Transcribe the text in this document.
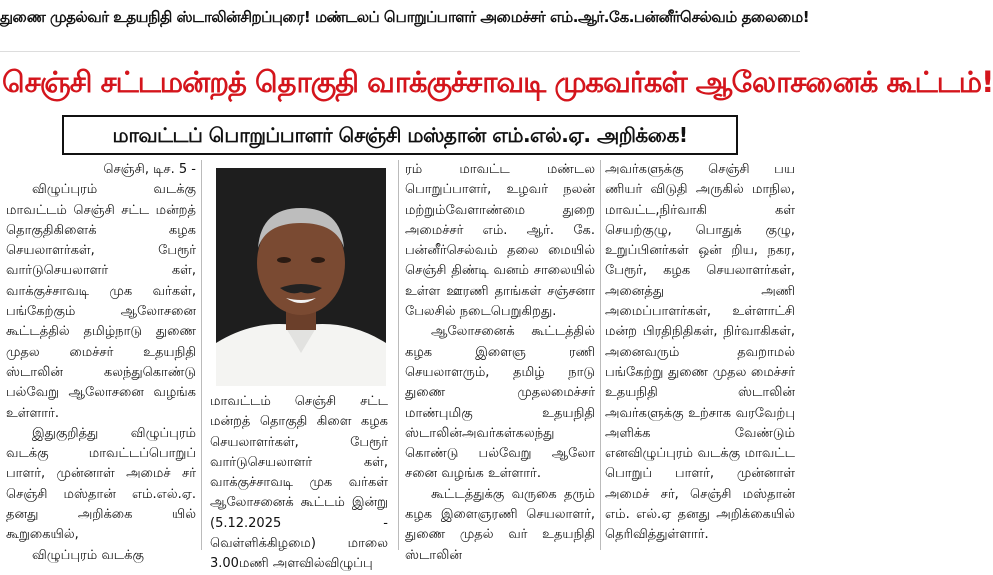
துணை முதல்வர் உதயநிதி ஸ்டாலின்சிறப்புரை! மண்டலப் பொறுப்பாளர் அமைச்சர் எம்.ஆர்.கே.பன்னீர்செல்வம் தலைமை!
செஞ்சி சட்டமன்றத் தொகுதி வாக்குச்சாவடி முகவர்கள் ஆலோசனைக் கூட்டம்!
மாவட்டப் பொறுப்பாளர் செஞ்சி மஸ்தான் எம்.எல்.ஏ. அறிக்கை!

செஞ்சி, டிச. 5 -

விழுப்புரம் வடக்கு மாவட்டம் செஞ்சி சட்ட மன்றத் தொகுதிகிளைக் கழக செயலாளர்கள், பேரூர் வார்டுசெயலாளர் கள், வாக்குச்சாவடி முக வர்கள், பங்கேற்கும் ஆலோசனை கூட்டத்தில் தமிழ்நாடு துணை முதல மைச்சர் உதயநிதி ஸ்டாலின் கலந்துகொண்டு பல்வேறு ஆலோசனை வழங்க உள்ளார்.

இதுகுறித்து விழுப்புரம் வடக்கு மாவட்டப்பொறுப் பாளர், முன்னாள் அமைச் சர் செஞ்சி மஸ்தான் எம்.எல்.ஏ. தனது அறிக்கை யில் கூறுகையில்,

விழுப்புரம் வடக்கு

மாவட்டம் செஞ்சி சட்ட மன்றத் தொகுதி கிளை கழக செயலாளர்கள், பேரூர் வார்டுசெயலாளர் கள், வாக்குச்சாவடி முக வர்கள் ஆலோசனைக் கூட்டம் இன்று (5.12.2025 - வெள்ளிக்கிழமை) மாலை 3.00மணி அளவில்விழுப்பு

ரம் மாவட்ட மண்டல பொறுப்பாளர், உழவர் நலன் மற்றும்வேளாண்மை துறை அமைச்சர் எம். ஆர். கே. பன்னீர்செல்வம் தலை மையில் செஞ்சி திண்டி வனம் சாலையில் உள்ள ஊரணி தாங்கள் சஞ்சனா பேலசில் நடைபெறுகிறது.

ஆலோசனைக் கூட்டத்தில் கழக இளைஞ ரணி செயலாளரும், தமிழ் நாடு துணை முதலமைச்சர் மாண்புமிகு உதயநிதி ஸ்டாலின்அவர்கள்கலந்து கொண்டு பல்வேறு ஆலோ சனை வழங்க உள்ளார்.

கூட்டத்துக்கு வருகை தரும் கழக இளைஞரணி செயலாளர், துணை முதல் வர் உதயநிதி ஸ்டாலின்

அவர்களுக்கு செஞ்சி பய ணியர் விடுதி அருகில் மாநில, மாவட்ட,நிர்வாகி கள் செயற்குழு, பொதுக் குழு, உறுப்பினர்கள் ஒன் றிய, நகர, பேரூர், கழக செயலாளர்கள், அனைத்து அணி அமைப்பாளர்கள், உள்ளாட்சி மன்ற பிரதிநிதிகள், நிர்வாகிகள், அனைவரும் தவறாமல் பங்கேற்று துணை முதல மைச்சர் உதயநிதி ஸ்டாலின் அவர்களுக்கு உற்சாக வரவேற்பு அளிக்க வேண்டும் எனவிழுப்புரம் வடக்கு மாவட்ட பொறுப் பாளர், முன்னாள் அமைச் சர், செஞ்சி மஸ்தான் எம். எல்.ஏ தனது அறிக்கையில் தெரிவித்துள்ளார்.
